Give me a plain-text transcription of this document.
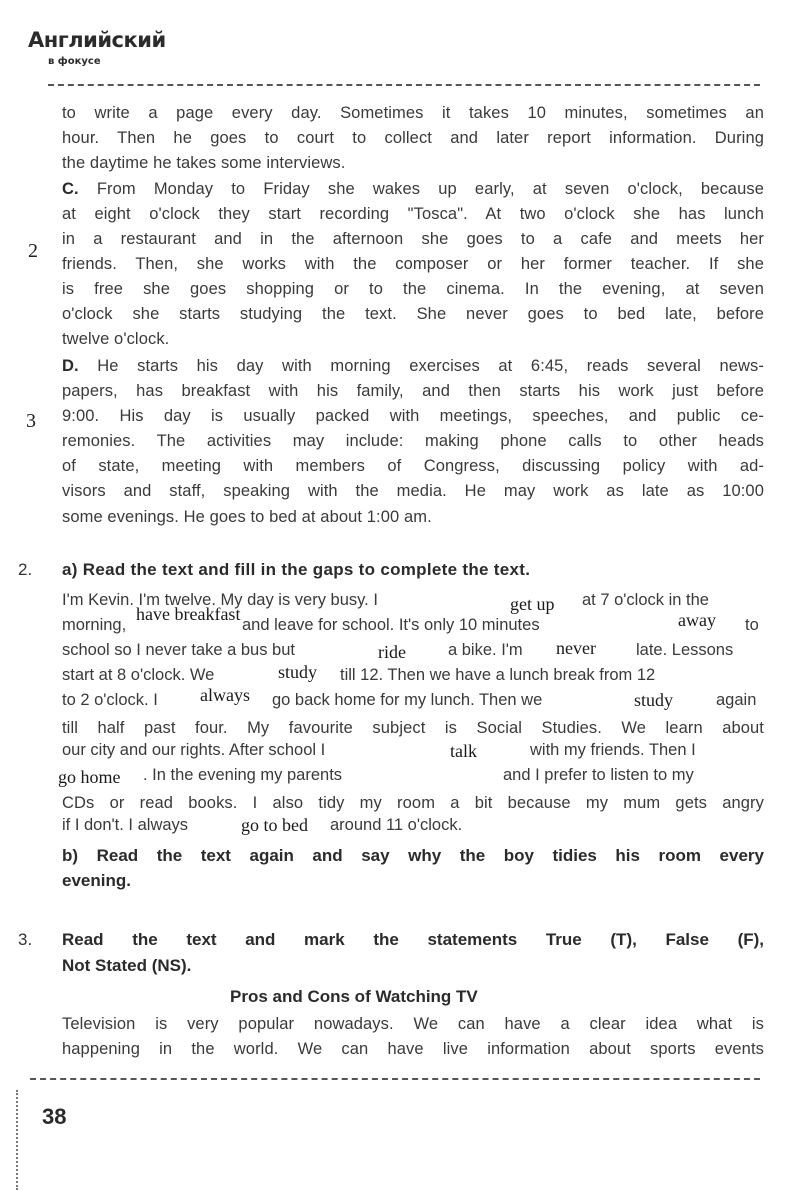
Английский
в фокусе
2
3
to write a page every day. Sometimes it takes 10 minutes, sometimes an
hour. Then he goes to court to collect and later report information. During
the daytime he takes some interviews.
C. From Monday to Friday she wakes up early, at seven o'clock, because
at eight o'clock they start recording "Tosca". At two o'clock she has lunch
in a restaurant and in the afternoon she goes to a cafe and meets her
friends. Then, she works with the composer or her former teacher. If she
is free she goes shopping or to the cinema. In the evening, at seven
o'clock she starts studying the text. She never goes to bed late, before
twelve o'clock.
D. He starts his day with morning exercises at 6:45, reads several news-
papers, has breakfast with his family, and then starts his work just before
9:00. His day is usually packed with meetings, speeches, and public ce-
remonies. The activities may include: making phone calls to other heads
of state, meeting with members of Congress, discussing policy with ad-
visors and staff, speaking with the media. He may work as late as 10:00
some evenings. He goes to bed at about 1:00 am.
2. a) Read the text and fill in the gaps to complete the text.
I'm Kevin. I'm twelve. My day is very busy. I	at 7 o'clock in the
morning,	and leave for school. It's only 10 minutes	to
school so I never take a bus but	a bike. I'm	late. Lessons
start at 8 o'clock. We	till 12. Then we have a lunch break from 12
to 2 o'clock. I	go back home for my lunch. Then we	again
till half past four. My favourite subject is Social Studies. We learn about
our city and our rights. After school I	with my friends. Then I
. In the evening my parents	and I prefer to listen to my
CDs or read books. I also tidy my room a bit because my mum gets angry
if I don't. I always	around 11 o'clock.
get up
have breakfast	away
ride	never
study
always	study
talk
go home
go to bed
b) Read the text again and say why the boy tidies his room every
evening.
3. Read the text and mark the statements True (T), False (F),
Not Stated (NS).
Pros and Cons of Watching TV
Television is very popular nowadays. We can have a clear idea what is
happening in the world. We can have live information about sports events
38
